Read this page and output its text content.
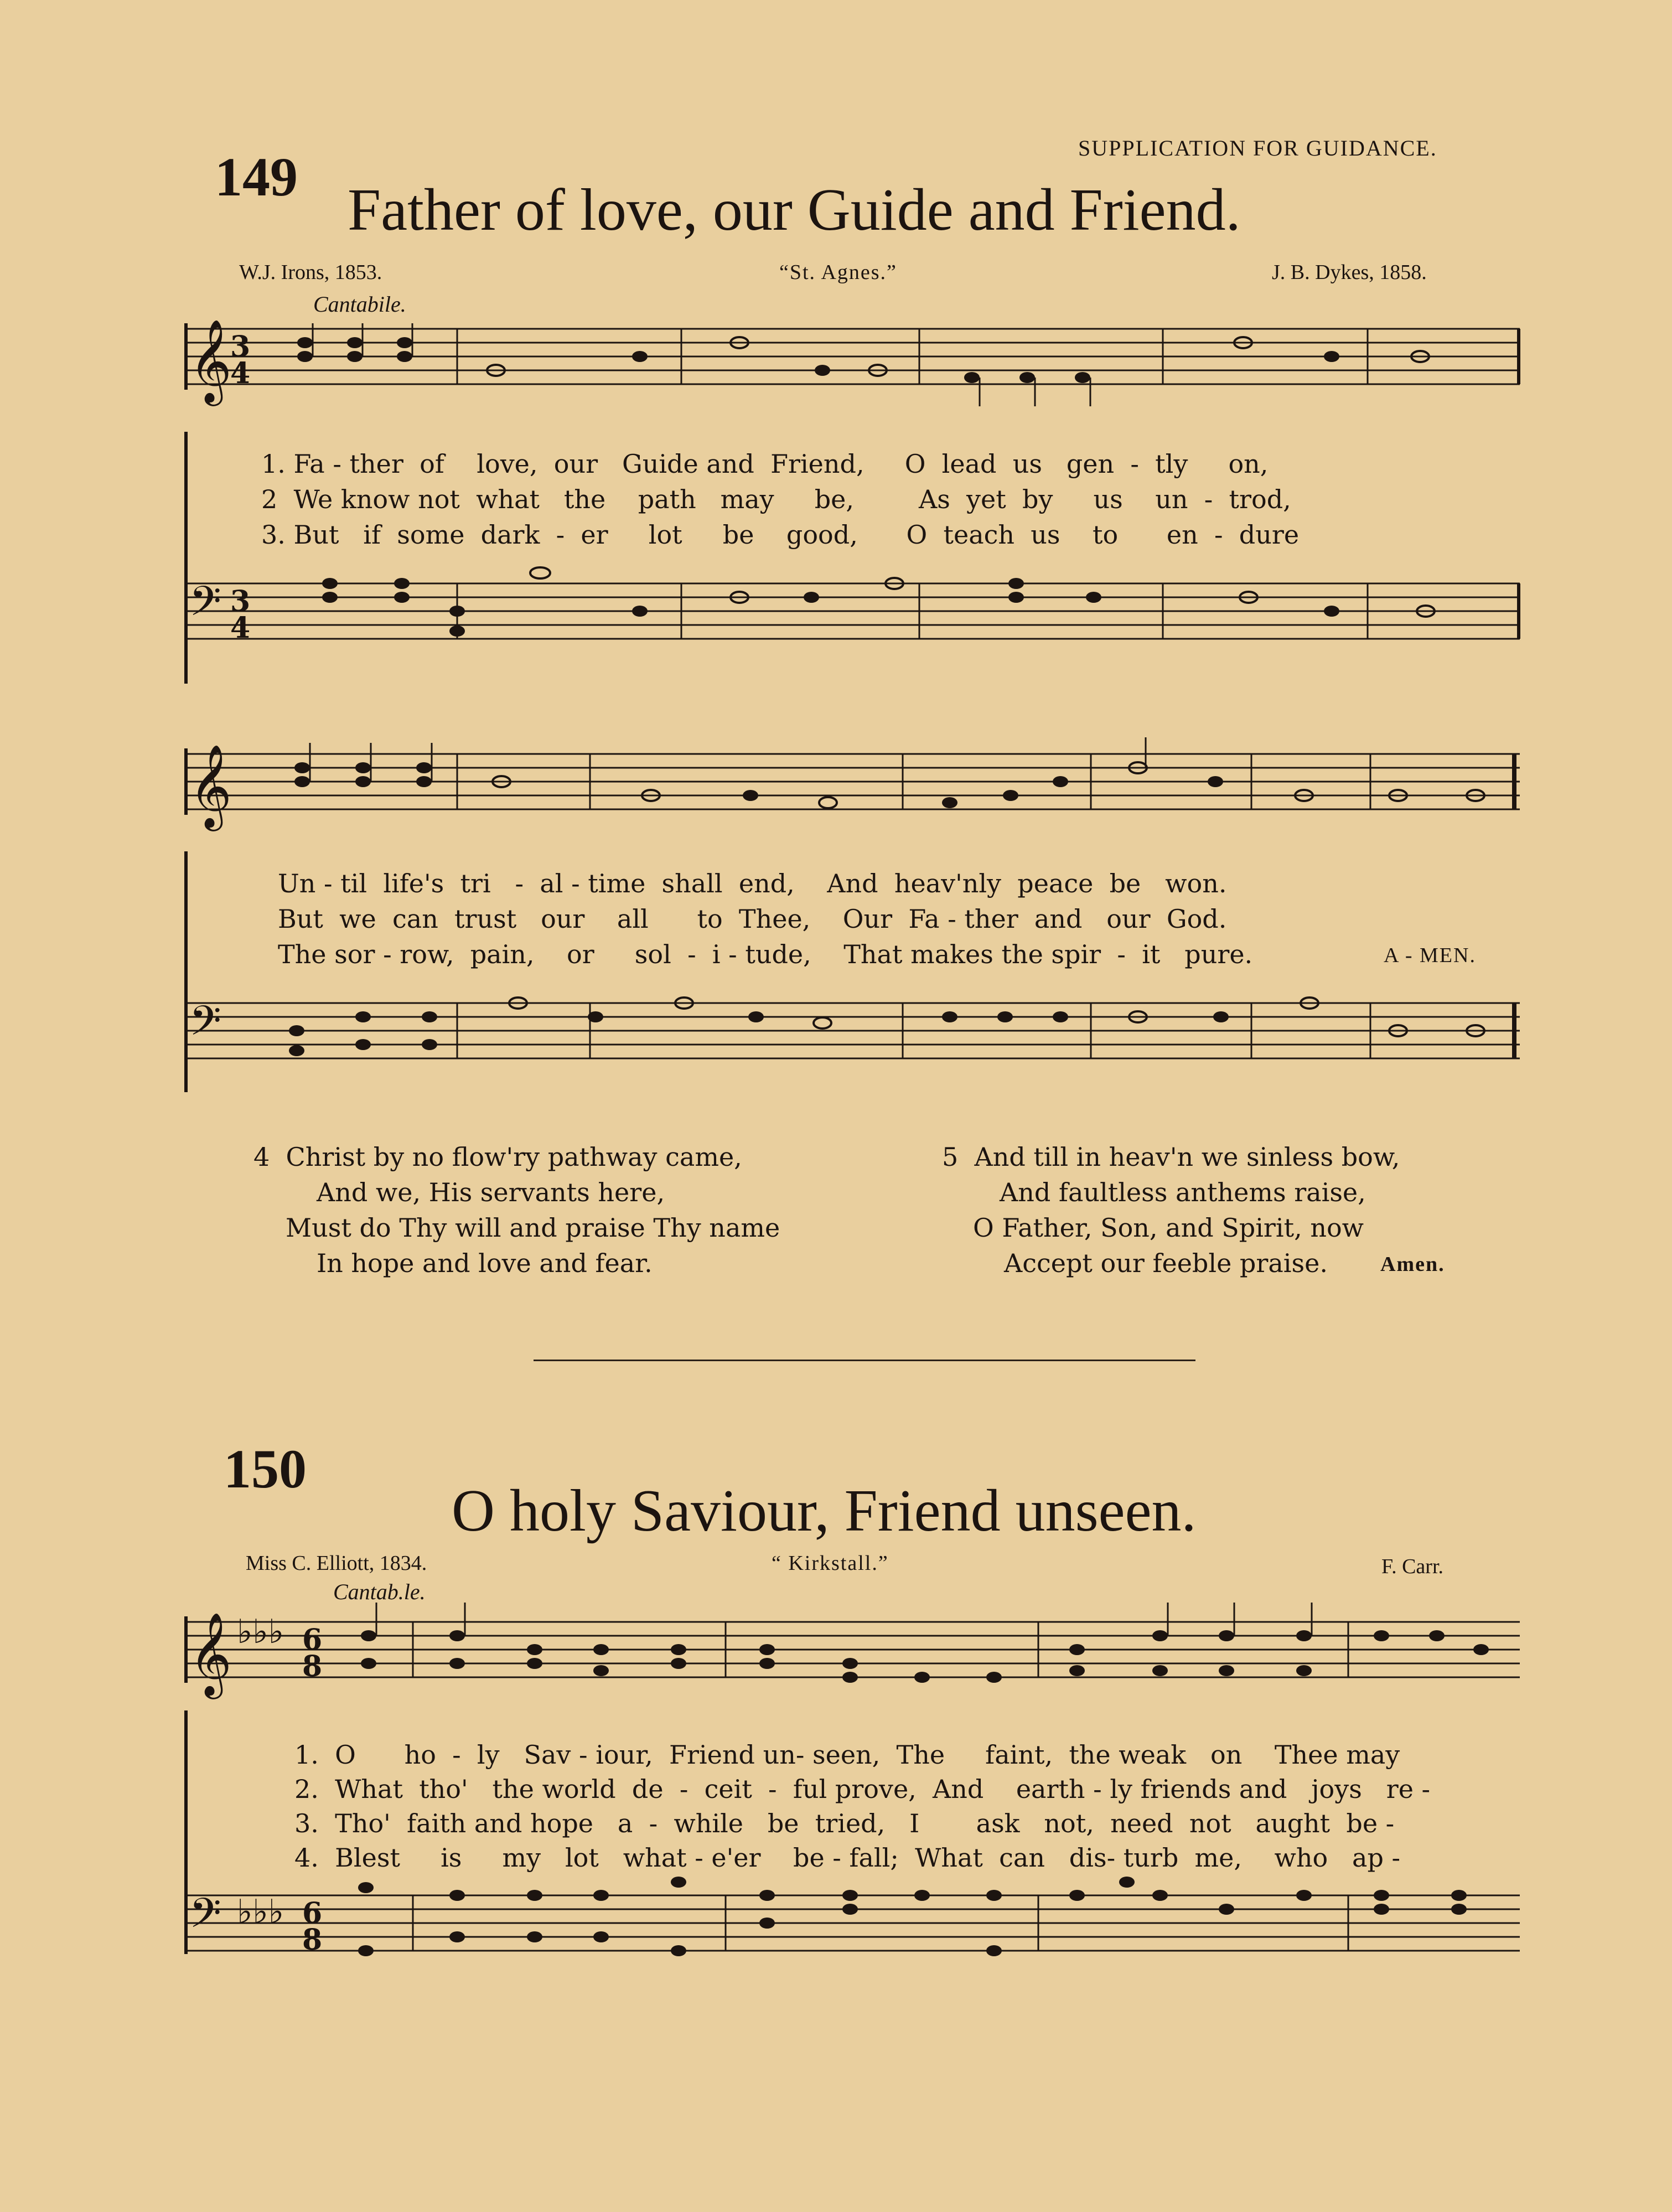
SUPPLICATION FOR GUIDANCE.
149
Father of love, our Guide and Friend.
W.J. Irons, 1853.	“St. Agnes.”	J. B. Dykes, 1858.
Cantabile.
𝄞
3
4
1. Fa - ther  of    love,  our   Guide and  Friend,     O  lead  us   gen  -  tly     on,
2  We know not  what   the    path   may     be,        As  yet  by     us    un  -  trod,
3. But   if  some  dark  -  er     lot     be    good,      O  teach  us    to      en  -  dure
𝄢 3
4
𝄞
Un - til  life's  tri   -  al - time  shall  end,    And  heav'nly  peace  be   won.
But  we  can  trust   our    all      to  Thee,    Our  Fa - ther  and   our  God.
The sor - row,  pain,    or     sol  -  i - tude,    That makes the spir  -  it   pure.	A - MEN.
𝄢
4  Christ by no flow'ry pathway came,
And we, His servants here,
Must do Thy will and praise Thy name
In hope and love and fear.
5  And till in heav'n we sinless bow,
And faultless anthems raise,
O Father, Son, and Spirit, now
Accept our feeble praise.	Amen.
150
O holy Saviour, Friend unseen.
Miss C. Elliott, 1834.	“ Kirkstall.”	F. Carr.
Cantab.le.
𝄞 ♭♭♭ 6
8
1.  O      ho  -  ly   Sav - iour,  Friend un- seen,  The     faint,  the weak   on    Thee may
2.  What  tho'   the world  de  -  ceit  -  ful prove,  And    earth - ly friends and   joys   re -
3.  Tho'  faith and hope   a  -  while   be  tried,   I       ask   not,  need  not   aught  be -
4.  Blest     is     my   lot   what - e'er    be - fall;  What  can   dis- turb  me,    who   ap -
𝄢 ♭♭♭ 6
8
